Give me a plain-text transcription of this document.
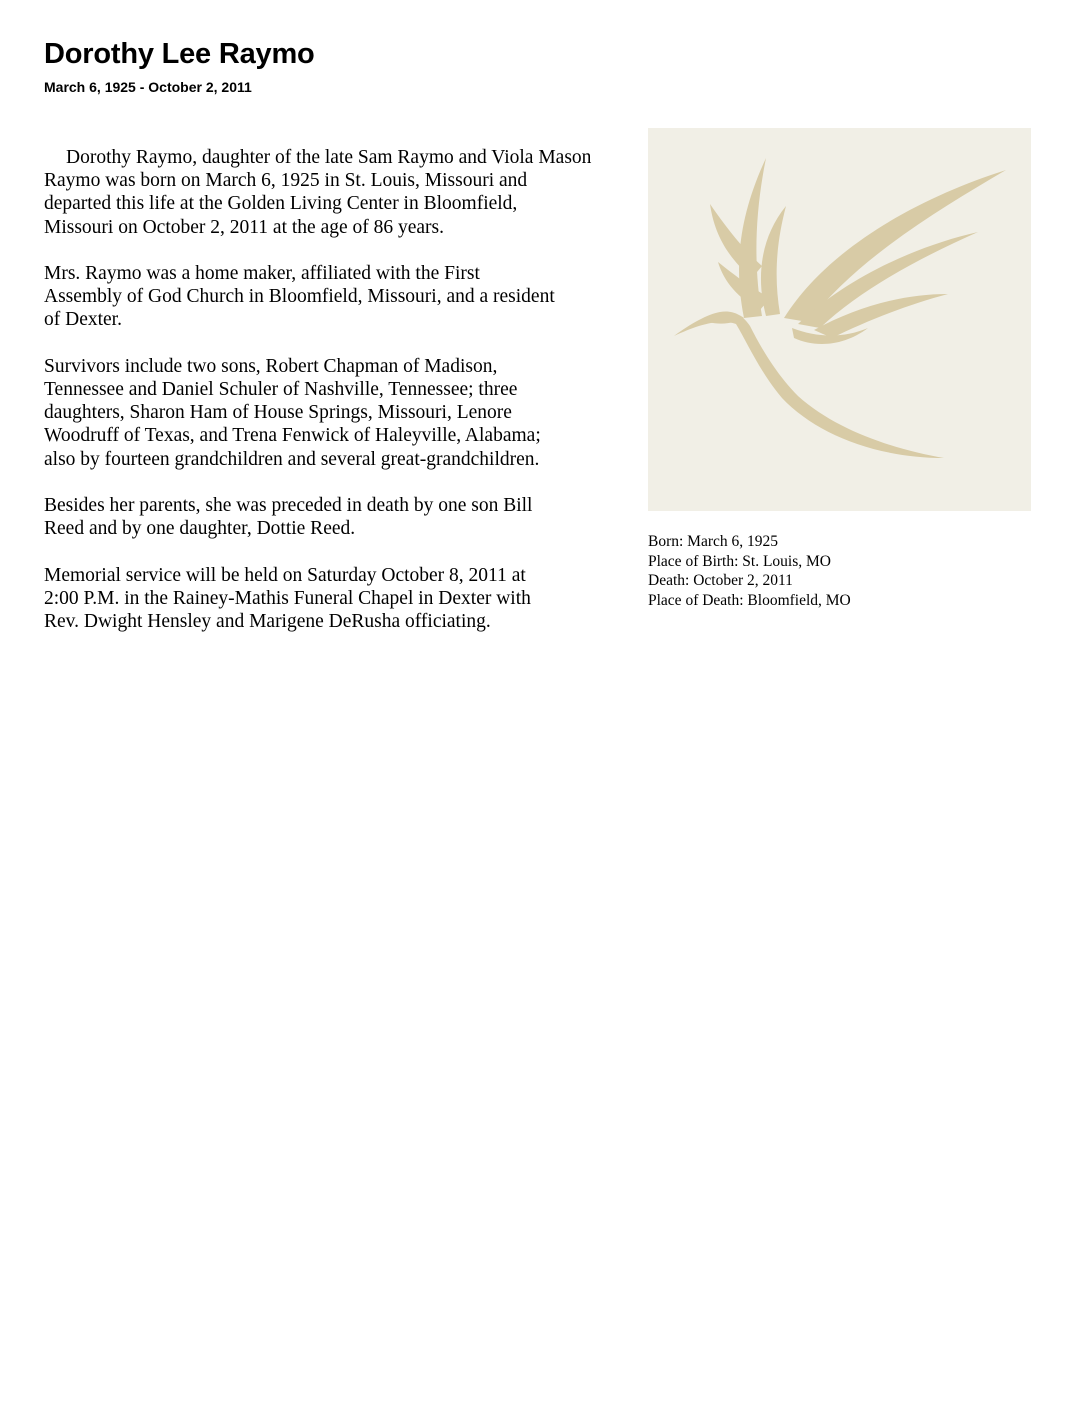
Dorothy Lee Raymo
March 6, 1925 - October 2, 2011

Dorothy Raymo, daughter of the late Sam Raymo and Viola Mason
Raymo was born on March 6, 1925 in St. Louis, Missouri and
departed this life at the Golden Living Center in Bloomfield,
Missouri on October 2, 2011 at the age of 86 years.

Mrs. Raymo was a home maker, affiliated with the First
Assembly of God Church in Bloomfield, Missouri, and a resident
of Dexter.

Survivors include two sons, Robert Chapman of Madison,
Tennessee and Daniel Schuler of Nashville, Tennessee; three
daughters, Sharon Ham of House Springs, Missouri, Lenore
Woodruff of Texas, and Trena Fenwick of Haleyville, Alabama;
also by fourteen grandchildren and several great-grandchildren.

Besides her parents, she was preceded in death by one son Bill
Reed and by one daughter, Dottie Reed.

Memorial service will be held on Saturday October 8, 2011 at
2:00 P.M. in the Rainey-Mathis Funeral Chapel in Dexter with
Rev. Dwight Hensley and Marigene DeRusha officiating.

Born: March 6, 1925
Place of Birth: St. Louis, MO
Death: October 2, 2011
Place of Death: Bloomfield, MO
